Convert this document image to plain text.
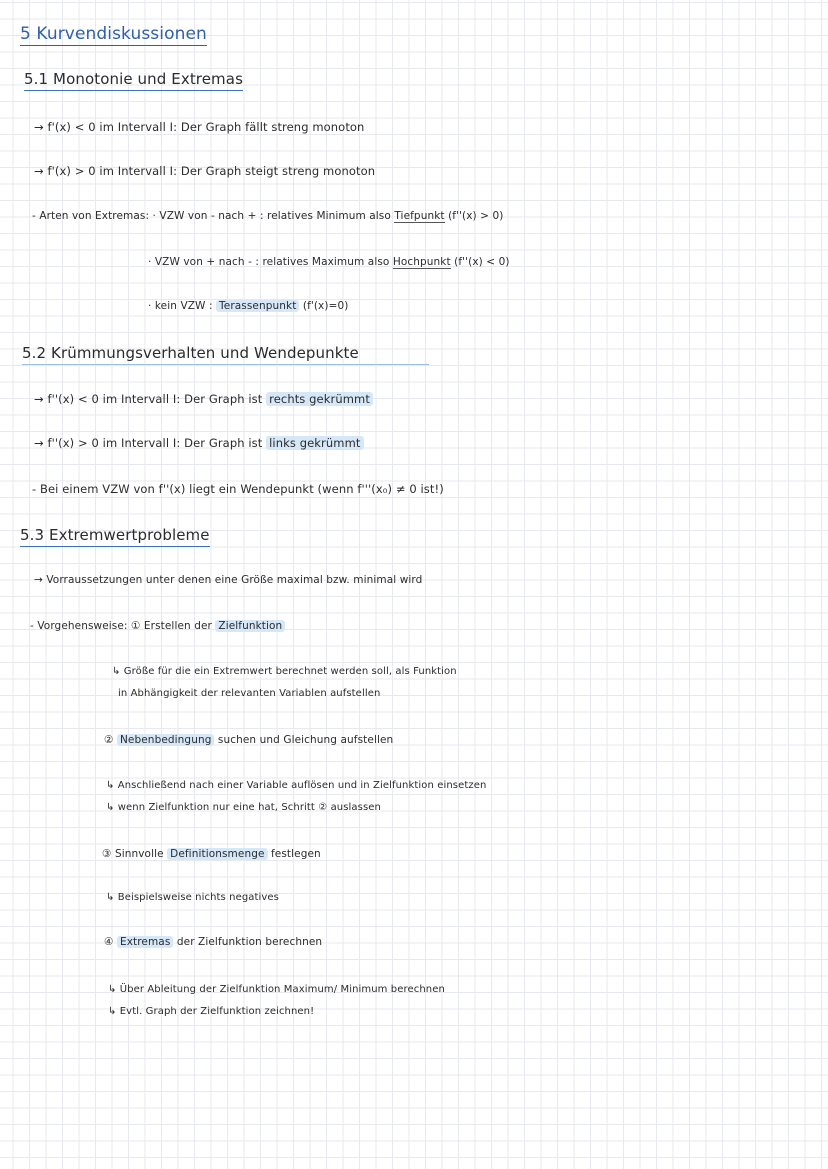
5 Kurvendiskussionen
5.1 Monotonie und Extremas
→ f'(x) < 0 im Intervall I: Der Graph fällt streng monoton
→ f'(x) > 0 im Intervall I: Der Graph steigt streng monoton
- Arten von Extremas: · VZW von - nach + : relatives Minimum also Tiefpunkt (f''(x) > 0)
· VZW von + nach - : relatives Maximum also Hochpunkt (f''(x) < 0)
· kein VZW : Terassenpunkt (f'(x)=0)
5.2 Krümmungsverhalten und Wendepunkte
→ f''(x) < 0 im Intervall I: Der Graph ist rechts gekrümmt
→ f''(x) > 0 im Intervall I: Der Graph ist links gekrümmt
- Bei einem VZW von f''(x) liegt ein Wendepunkt (wenn f'''(x₀) ≠ 0 ist!)
5.3 Extremwertprobleme
→ Vorraussetzungen unter denen eine Größe maximal bzw. minimal wird
- Vorgehensweise: ① Erstellen der Zielfunktion
↳ Größe für die ein Extremwert berechnet werden soll, als Funktion
in Abhängigkeit der relevanten Variablen aufstellen
② Nebenbedingung suchen und Gleichung aufstellen
↳ Anschließend nach einer Variable auflösen und in Zielfunktion einsetzen
↳ wenn Zielfunktion nur eine hat, Schritt ② auslassen
③ Sinnvolle Definitionsmenge festlegen
↳ Beispielsweise nichts negatives
④ Extremas der Zielfunktion berechnen
↳ Über Ableitung der Zielfunktion Maximum/ Minimum berechnen
↳ Evtl. Graph der Zielfunktion zeichnen!
